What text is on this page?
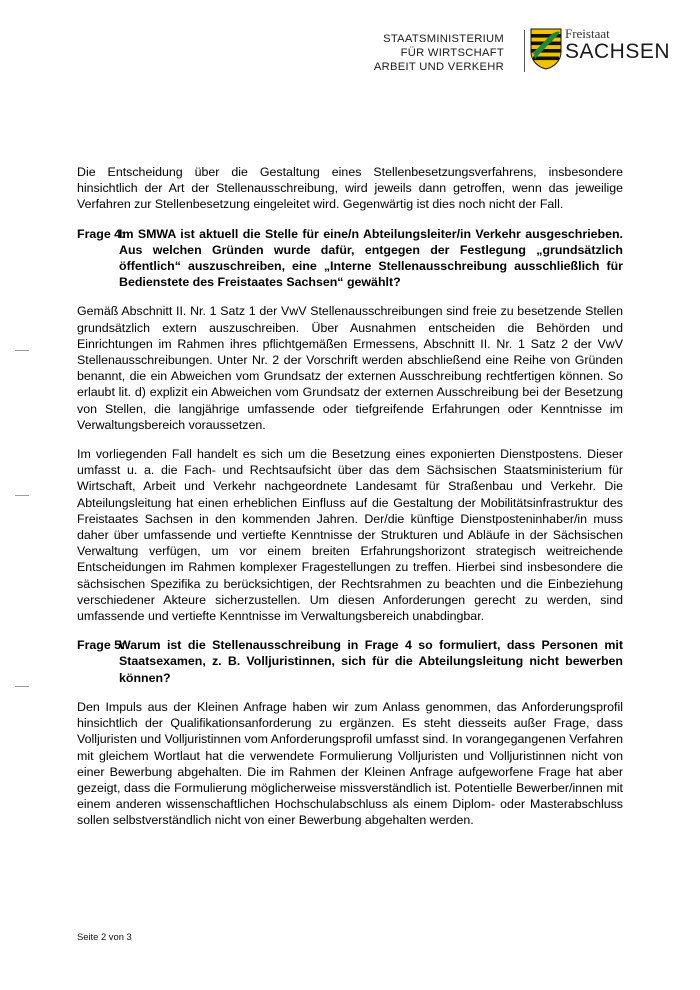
STAATSMINISTERIUM
FÜR WIRTSCHAFT
ARBEIT UND VERKEHR
Freistaat
SACHSEN

Die Entscheidung über die Gestaltung eines Stellenbesetzungsverfahrens, insbesondere hinsichtlich der Art der Stellenausschreibung, wird jeweils dann getroffen, wenn das jeweilige Verfahren zur Stellenbesetzung eingeleitet wird. Gegenwärtig ist dies noch nicht der Fall.

Frage 4:
Im SMWA ist aktuell die Stelle für eine/n Abteilungsleiter/in Verkehr ausgeschrieben. Aus welchen Gründen wurde dafür, entgegen der Festlegung „grundsätzlich öffentlich“ auszuschreiben, eine „Interne Stellenausschreibung ausschließlich für Bedienstete des Freistaates Sachsen“ gewählt?

Gemäß Abschnitt II. Nr. 1 Satz 1 der VwV Stellenausschreibungen sind freie zu besetzende Stellen grundsätzlich extern auszuschreiben. Über Ausnahmen entscheiden die Behörden und Einrichtungen im Rahmen ihres pflichtgemäßen Ermessens, Abschnitt II. Nr. 1 Satz 2 der VwV Stellenausschreibungen. Unter Nr. 2 der Vorschrift werden abschließend eine Reihe von Gründen benannt, die ein Abweichen vom Grundsatz der externen Ausschreibung rechtfertigen können. So erlaubt lit. d) explizit ein Abweichen vom Grundsatz der externen Ausschreibung bei der Besetzung von Stellen, die langjährige umfassende oder tiefgreifende Erfahrungen oder Kenntnisse im Verwaltungsbereich voraussetzen.

Im vorliegenden Fall handelt es sich um die Besetzung eines exponierten Dienstpostens. Dieser umfasst u. a. die Fach- und Rechtsaufsicht über das dem Sächsischen Staatsministerium für Wirtschaft, Arbeit und Verkehr nachgeordnete Landesamt für Straßenbau und Verkehr. Die Abteilungsleitung hat einen erheblichen Einfluss auf die Gestaltung der Mobilitätsinfrastruktur des Freistaates Sachsen in den kommenden Jahren. Der/die künftige Dienstposteninhaber/in muss daher über umfassende und vertiefte Kenntnisse der Strukturen und Abläufe in der Sächsischen Verwaltung verfügen, um vor einem breiten Erfahrungshorizont strategisch weitreichende Entscheidungen im Rahmen komplexer Fragestellungen zu treffen. Hierbei sind insbesondere die sächsischen Spezifika zu berücksichtigen, der Rechtsrahmen zu beachten und die Einbeziehung verschiedener Akteure sicherzustellen. Um diesen Anforderungen gerecht zu werden, sind umfassende und vertiefte Kenntnisse im Verwaltungsbereich unabdingbar.

Frage 5:
Warum ist die Stellenausschreibung in Frage 4 so formuliert, dass Personen mit Staatsexamen, z. B. Volljuristinnen, sich für die Abteilungsleitung nicht bewerben können?

Den Impuls aus der Kleinen Anfrage haben wir zum Anlass genommen, das Anforderungsprofil hinsichtlich der Qualifikationsanforderung zu ergänzen. Es steht diesseits außer Frage, dass Volljuristen und Volljuristinnen vom Anforderungsprofil umfasst sind. In vorangegangenen Verfahren mit gleichem Wortlaut hat die verwendete Formulierung Volljuristen und Volljuristinnen nicht von einer Bewerbung abgehalten. Die im Rahmen der Kleinen Anfrage aufgeworfene Frage hat aber gezeigt, dass die Formulierung möglicherweise missverständlich ist. Potentielle Bewerber/innen mit einem anderen wissenschaftlichen Hochschulabschluss als einem Diplom- oder Masterabschluss sollen selbstverständlich nicht von einer Bewerbung abgehalten werden.

Seite 2 von 3
